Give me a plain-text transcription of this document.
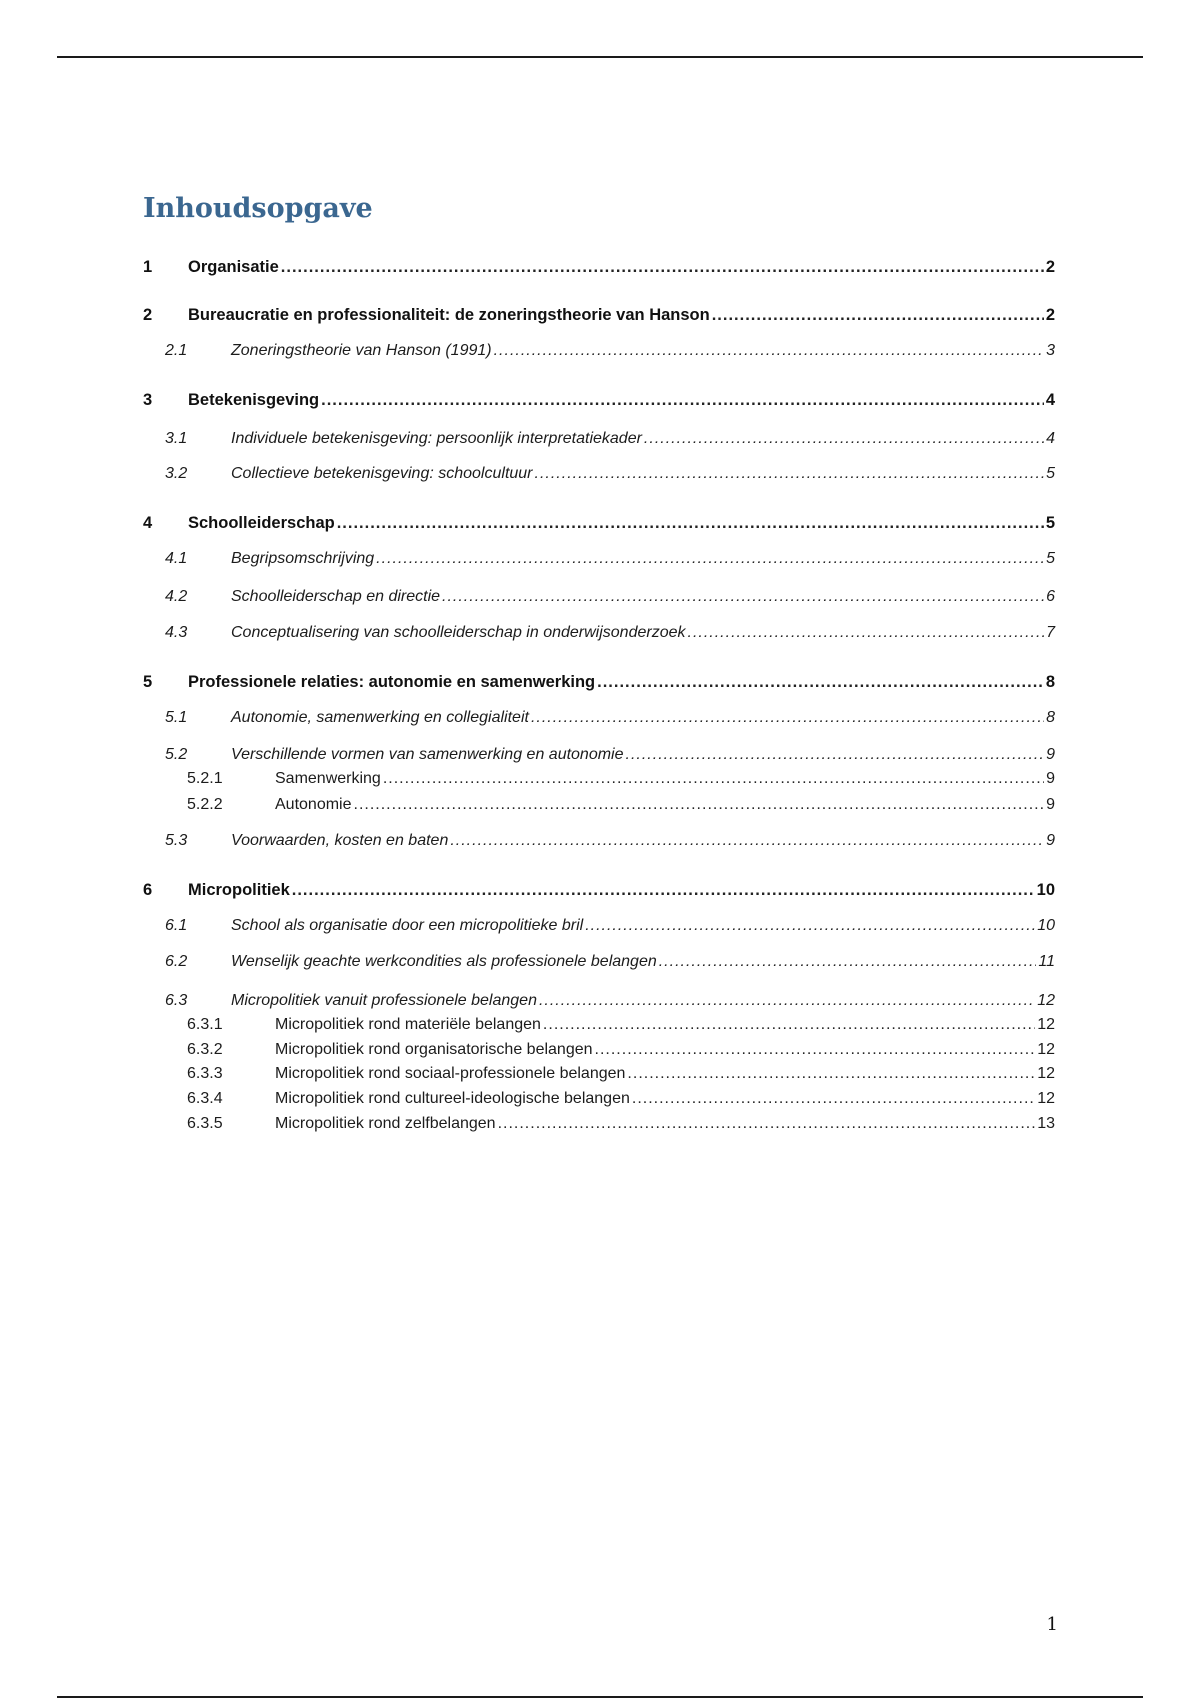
Inhoudsopgave
1	Organisatie .....	2
2	Bureaucratie en professionaliteit: de zoneringstheorie van Hanson .....	2
2.1	Zoneringstheorie van Hanson (1991) .....	3
3	Betekenisgeving .....	4
3.1	Individuele betekenisgeving: persoonlijk interpretatiekader .....	4
3.2	Collectieve betekenisgeving: schoolcultuur .....	5
4	Schoolleiderschap .....	5
4.1	Begripsomschrijving .....	5
4.2	Schoolleiderschap en directie .....	6
4.3	Conceptualisering van schoolleiderschap in onderwijsonderzoek .....	7
5	Professionele relaties: autonomie en samenwerking .....	8
5.1	Autonomie, samenwerking en collegialiteit .....	8
5.2	Verschillende vormen van samenwerking en autonomie .....	9
5.2.1	Samenwerking .....	9
5.2.2	Autonomie .....	9
5.3	Voorwaarden, kosten en baten .....	9
6	Micropolitiek .....	10
6.1	School als organisatie door een micropolitieke bril .....	10
6.2	Wenselijk geachte werkcondities als professionele belangen .....	11
6.3	Micropolitiek vanuit professionele belangen .....	12
6.3.1	Micropolitiek rond materiële belangen .....	12
6.3.2	Micropolitiek rond organisatorische belangen .....	12
6.3.3	Micropolitiek rond sociaal-professionele belangen .....	12
6.3.4	Micropolitiek rond cultureel-ideologische belangen .....	12
6.3.5	Micropolitiek rond zelfbelangen .....	13
1
